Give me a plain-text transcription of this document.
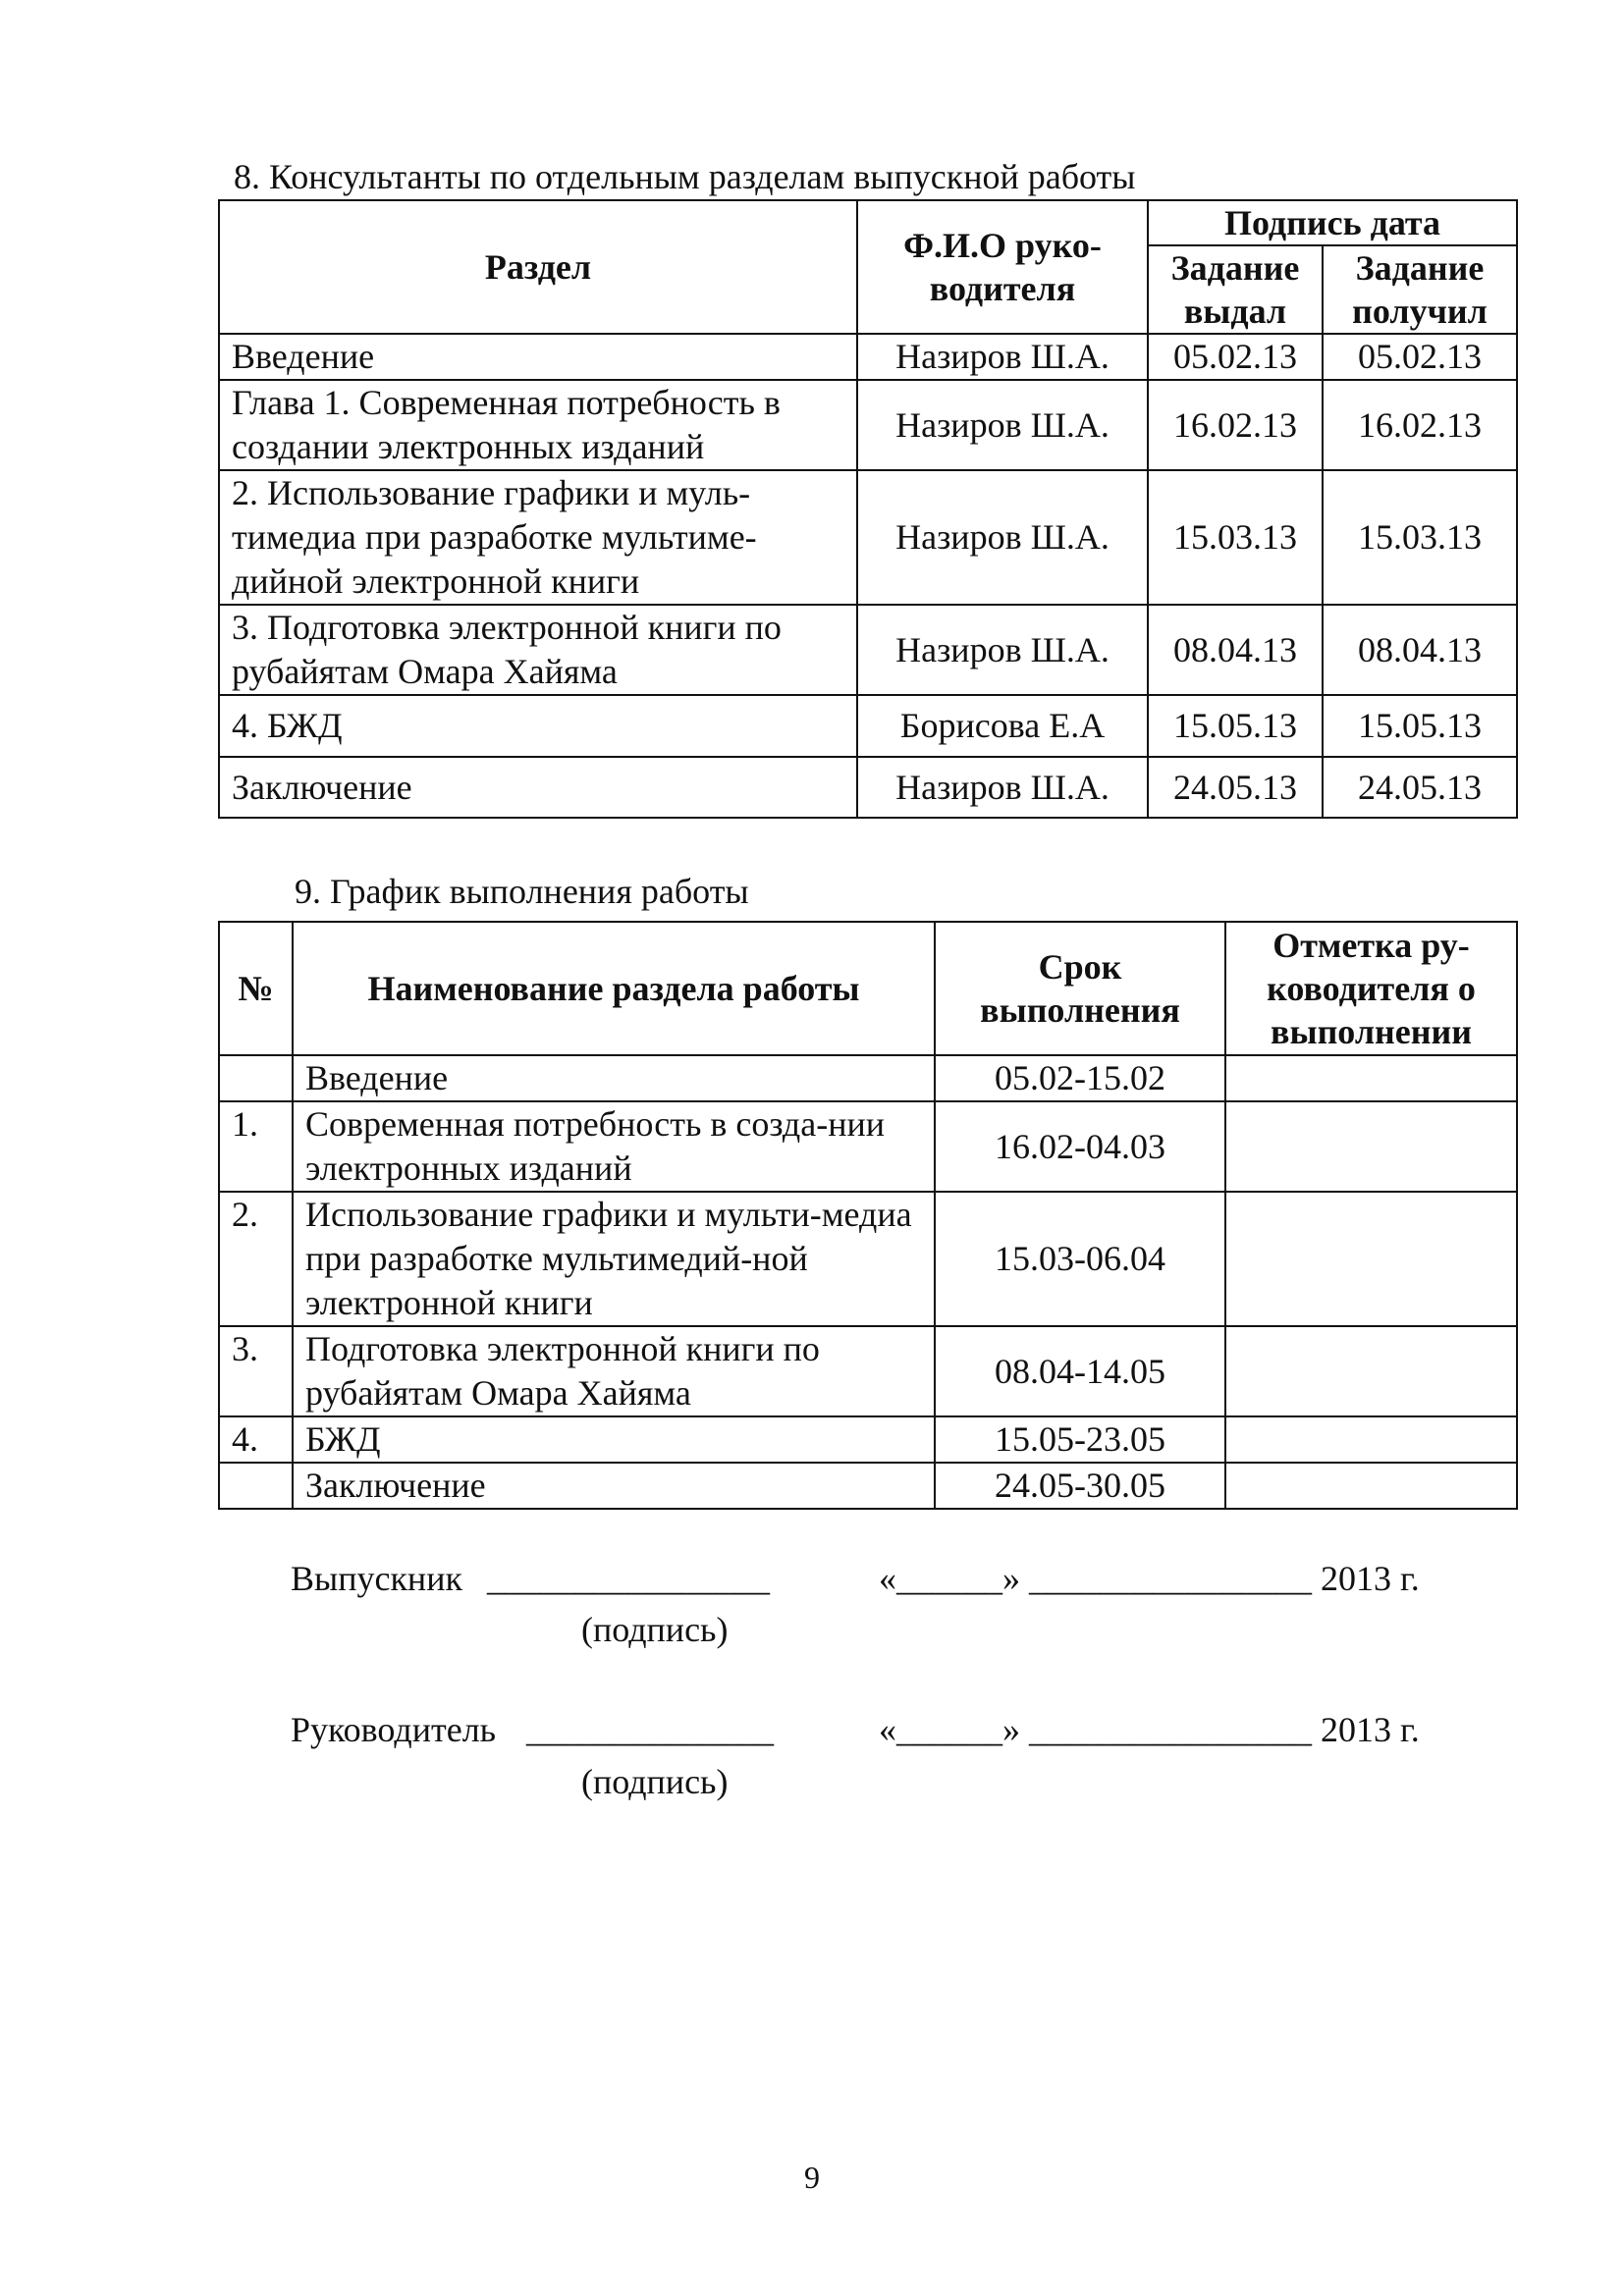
8. Консультанты по отдельным разделам выпускной работы
Раздел	Ф.И.О руко-водителя	Подпись дата	
		Задание выдал	Задание получил
Введение	Назиров Ш.А.	05.02.13	05.02.13
Глава 1. Современная потребность в создании электронных изданий	Назиров Ш.А.	16.02.13	16.02.13
2. Использование графики и муль-тимедиа при разработке мультиме-дийной электронной книги	Назиров Ш.А.	15.03.13	15.03.13
3. Подготовка электронной книги по рубайятам Омара Хайяма	Назиров Ш.А.	08.04.13	08.04.13
4. БЖД	Борисова Е.А	15.05.13	15.05.13
Заключение	Назиров Ш.А.	24.05.13	24.05.13
9. График выполнения работы
№	Наименование раздела работы	Срок выполнения	Отметка ру-ководителя о выполнении
	Введение	05.02-15.02	
1.	Современная потребность в созда-нии электронных изданий	16.02-04.03	
2.	Использование графики и мульти-медиа при разработке мультимедий-ной электронной книги	15.03-06.04	
3.	Подготовка электронной книги по рубайятам Омара Хайяма	08.04-14.05	
4.	БЖД	15.05-23.05	
	Заключение	24.05-30.05	
Выпускник ________________	«______» ________________ 2013 г.
(подпись)
Руководитель ______________	«______» ________________ 2013 г.
(подпись)
9
